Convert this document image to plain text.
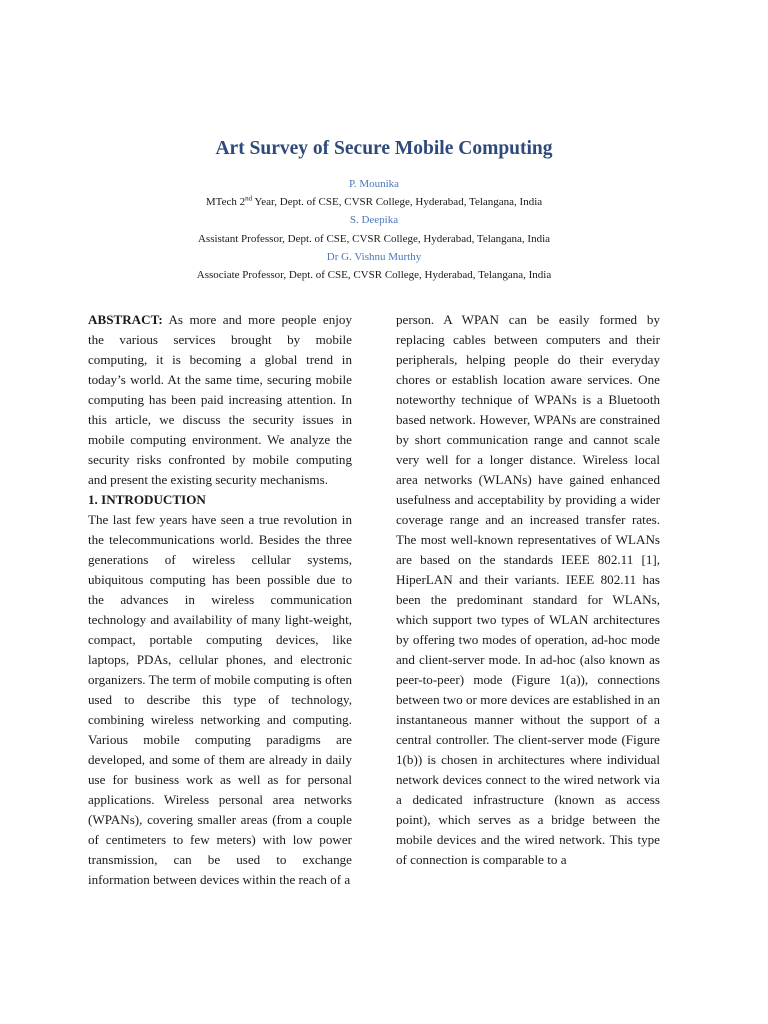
Art Survey of Secure Mobile Computing
P. Mounika
MTech 2nd Year, Dept. of CSE, CVSR College, Hyderabad, Telangana, India
S. Deepika
Assistant Professor, Dept. of CSE, CVSR College, Hyderabad, Telangana, India
Dr G. Vishnu Murthy
Associate Professor, Dept. of CSE, CVSR College, Hyderabad, Telangana, India

ABSTRACT: As more and more people enjoy the various services brought by mobile computing, it is becoming a global trend in today’s world. At the same time, securing mobile computing has been paid increasing attention. In this article, we discuss the security issues in mobile computing environment. We analyze the security risks confronted by mobile computing and present the existing security mechanisms.

1. INTRODUCTION

The last few years have seen a true revolution in the telecommunications world. Besides the three generations of wireless cellular systems, ubiquitous computing has been possible due to the advances in wireless communication technology and availability of many light-weight, compact, portable computing devices, like laptops, PDAs, cellular phones, and electronic organizers. The term of mobile computing is often used to describe this type of technology, combining wireless networking and computing. Various mobile computing paradigms are developed, and some of them are already in daily use for business work as well as for personal applications. Wireless personal area networks (WPANs), covering smaller areas (from a couple of centimeters to few meters) with low power transmission, can be used to exchange information between devices within the reach of a

person. A WPAN can be easily formed by replacing cables between computers and their peripherals, helping people do their everyday chores or establish location aware services. One noteworthy technique of WPANs is a Bluetooth based network. However, WPANs are constrained by short communication range and cannot scale very well for a longer distance. Wireless local area networks (WLANs) have gained enhanced usefulness and acceptability by providing a wider coverage range and an increased transfer rates. The most well-known representatives of WLANs are based on the standards IEEE 802.11 [1], HiperLAN and their variants. IEEE 802.11 has been the predominant standard for WLANs, which support two types of WLAN architectures by offering two modes of operation, ad-hoc mode and client-server mode. In ad-hoc (also known as peer-to-peer) mode (Figure 1(a)), connections between two or more devices are established in an instantaneous manner without the support of a central controller. The client-server mode (Figure 1(b)) is chosen in architectures where individual network devices connect to the wired network via a dedicated infrastructure (known as access point), which serves as a bridge between the mobile devices and the wired network. This type of connection is comparable to a
